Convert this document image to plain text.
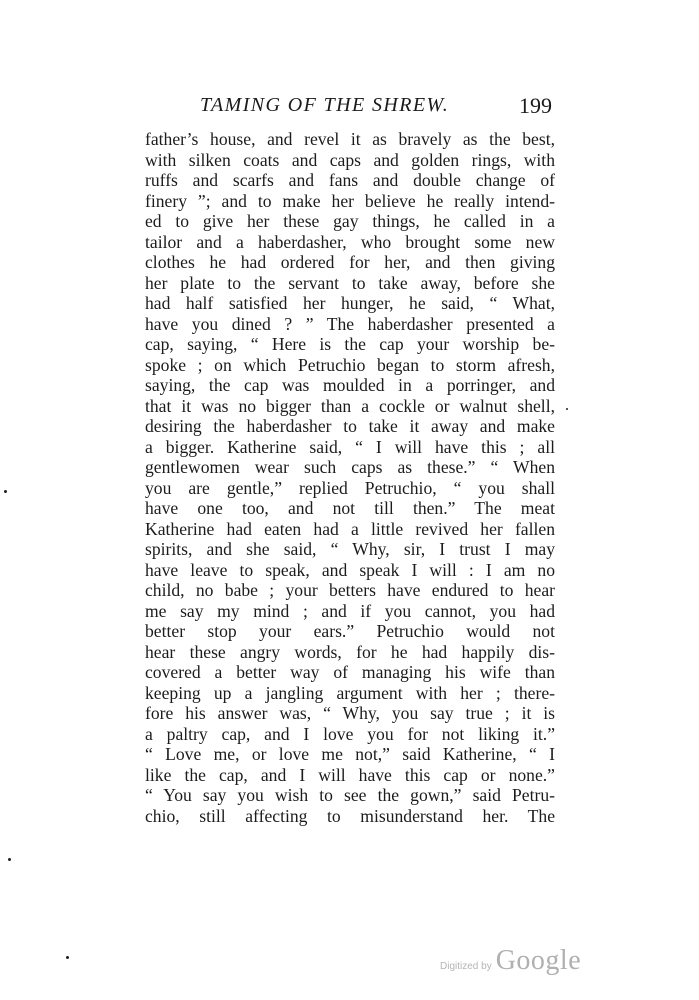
TAMING OF THE SHREW.	199
father’s house, and revel it as bravely as the best,
with silken coats and caps and golden rings, with
ruffs and scarfs and fans and double change of
finery ”; and to make her believe he really intend-
ed to give her these gay things, he called in a
tailor and a haberdasher, who brought some new
clothes he had ordered for her, and then giving
her plate to the servant to take away, before she
had half satisfied her hunger, he said, “ What,
have you dined ? ” The haberdasher presented a
cap, saying, “ Here is the cap your worship be-
spoke ; on which Petruchio began to storm afresh,
saying, the cap was moulded in a porringer, and
that it was no bigger than a cockle or walnut shell,
desiring the haberdasher to take it away and make
a bigger. Katherine said, “ I will have this ; all
gentlewomen wear such caps as these.” “ When
you are gentle,” replied Petruchio, “ you shall
have one too, and not till then.” The meat
Katherine had eaten had a little revived her fallen
spirits, and she said, “ Why, sir, I trust I may
have leave to speak, and speak I will : I am no
child, no babe ; your betters have endured to hear
me say my mind ; and if you cannot, you had
better stop your ears.” Petruchio would not
hear these angry words, for he had happily dis-
covered a better way of managing his wife than
keeping up a jangling argument with her ; there-
fore his answer was, “ Why, you say true ; it is
a paltry cap, and I love you for not liking it.”
“ Love me, or love me not,” said Katherine, “ I
like the cap, and I will have this cap or none.”
“ You say you wish to see the gown,” said Petru-
chio, still affecting to misunderstand her. The
Digitized by Google
